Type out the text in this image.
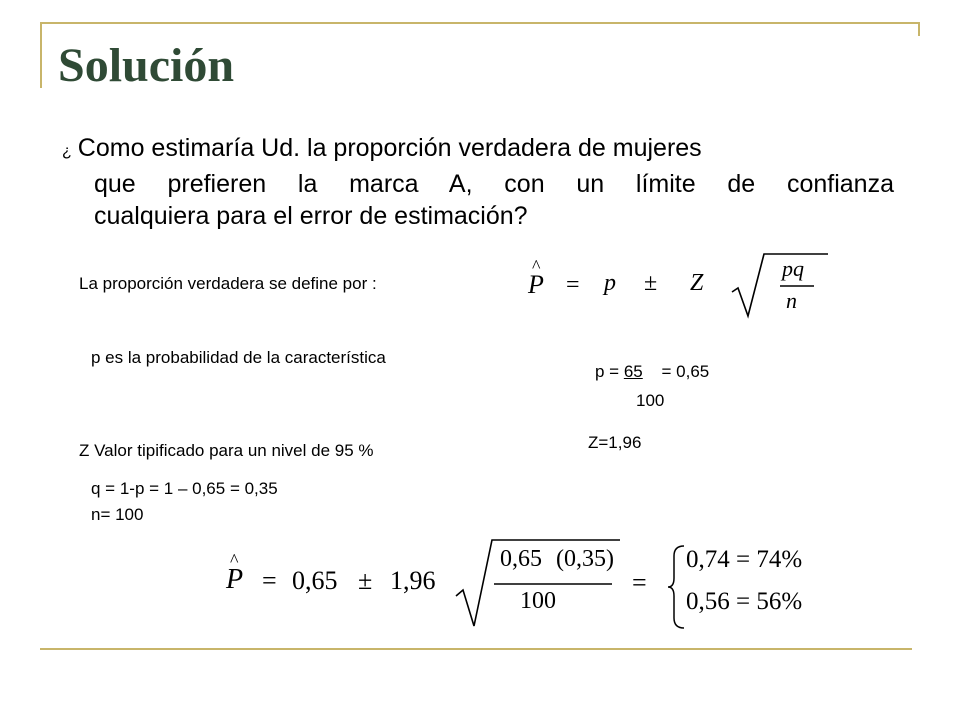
Solución
¿ Como estimaría Ud. la proporción verdadera de mujeres
que prefieren la marca A, con un límite de confianza
cualquiera para el error de estimación?
La proporción verdadera se define por :
^	P = p ± Z
pq
n
p es la probabilidad de la característica
p = 65 = 0,65
100
Z Valor tipificado para un nivel de 95 %	Z=1,96
q = 1-p = 1 – 0,65 = 0,35
n= 100
^ P = 0,65 ± 1,96
0,65 (0,35)
100
=
0,74 = 74%
0,56 = 56%
